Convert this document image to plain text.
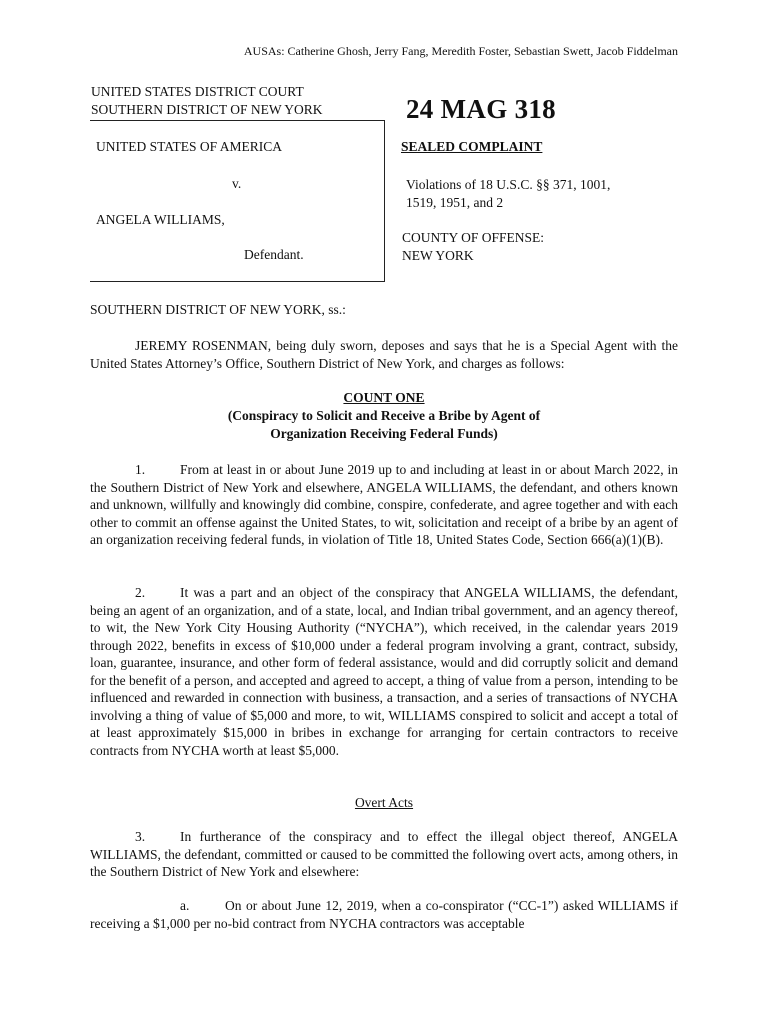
AUSAs: Catherine Ghosh, Jerry Fang, Meredith Foster, Sebastian Swett, Jacob Fiddelman
UNITED STATES DISTRICT COURT
SOUTHERN DISTRICT OF NEW YORK	24 MAG 318
UNITED STATES OF AMERICA
v.
ANGELA WILLIAMS,
Defendant.
SEALED COMPLAINT
Violations of 18 U.S.C. §§ 371, 1001,
1519, 1951, and 2
COUNTY OF OFFENSE:
NEW YORK
SOUTHERN DISTRICT OF NEW YORK, ss.:
JEREMY ROSENMAN, being duly sworn, deposes and says that he is a Special Agent with the United States Attorney’s Office, Southern District of New York, and charges as follows:
COUNT ONE
(Conspiracy to Solicit and Receive a Bribe by Agent of
Organization Receiving Federal Funds)
1.	From at least in or about June 2019 up to and including at least in or about March 2022, in the Southern District of New York and elsewhere, ANGELA WILLIAMS, the defendant, and others known and unknown, willfully and knowingly did combine, conspire, confederate, and agree together and with each other to commit an offense against the United States, to wit, solicitation and receipt of a bribe by an agent of an organization receiving federal funds, in violation of Title 18, United States Code, Section 666(a)(1)(B).
2.	It was a part and an object of the conspiracy that ANGELA WILLIAMS, the defendant, being an agent of an organization, and of a state, local, and Indian tribal government, and an agency thereof, to wit, the New York City Housing Authority (“NYCHA”), which received, in the calendar years 2019 through 2022, benefits in excess of $10,000 under a federal program involving a grant, contract, subsidy, loan, guarantee, insurance, and other form of federal assistance, would and did corruptly solicit and demand for the benefit of a person, and accepted and agreed to accept, a thing of value from a person, intending to be influenced and rewarded in connection with business, a transaction, and a series of transactions of NYCHA involving a thing of value of $5,000 and more, to wit, WILLIAMS conspired to solicit and accept a total of at least approximately $15,000 in bribes in exchange for arranging for certain contractors to receive contracts from NYCHA worth at least $5,000.
Overt Acts
3.	In furtherance of the conspiracy and to effect the illegal object thereof, ANGELA WILLIAMS, the defendant, committed or caused to be committed the following overt acts, among others, in the Southern District of New York and elsewhere:
a.	On or about June 12, 2019, when a co-conspirator (“CC-1”) asked WILLIAMS if receiving a $1,000 per no-bid contract from NYCHA contractors was acceptable
